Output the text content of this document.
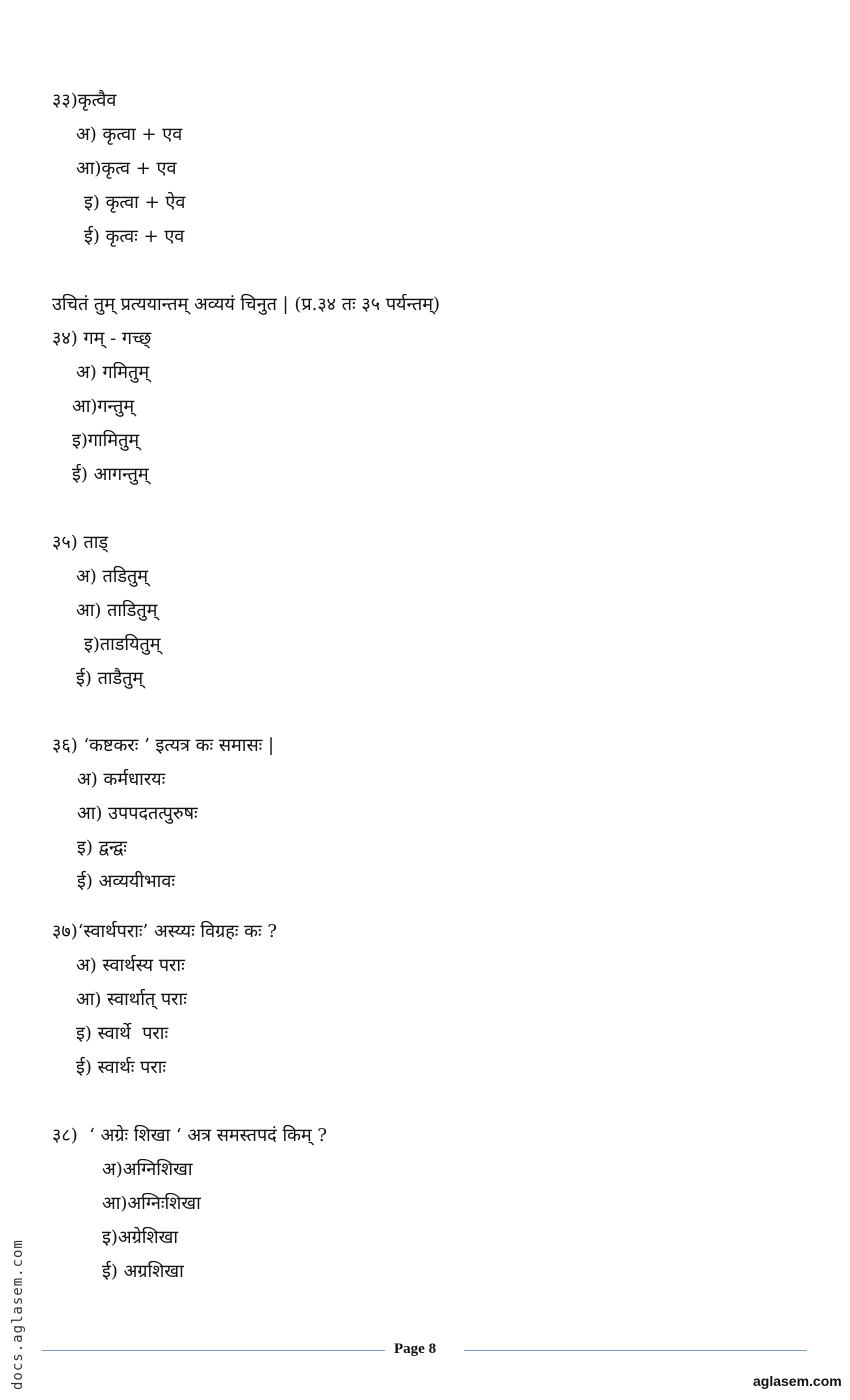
३३)कृत्वैव
अ) कृत्वा + एव
आ)कृत्व + एव
इ) कृत्वा + ऐव
ई) कृत्वः + एव
उचितं तुम् प्रत्ययान्तम् अव्ययं चिनुत | (प्र.३४ तः ३५ पर्यन्तम्)
३४) गम् - गच्छ्
अ) गमितुम्
आ)गन्तुम्
इ)गामितुम्
ई) आगन्तुम्
३५) ताड्
अ) तडितुम्
आ) ताडितुम्
इ)ताडयितुम्
ई) ताडैतुम्
३६) ‘कष्टकरः ’ इत्यत्र कः समासः |
अ) कर्मधारयः
आ) उपपदतत्पुरुषः
इ) द्वन्द्वः
ई) अव्ययीभावः
३७)‘स्वार्थपराः’ अस्य्यः विग्रहः कः ?
अ) स्वार्थस्य पराः
आ) स्वार्थात् पराः
इ) स्वार्थे  पराः
ई) स्वार्थः पराः
३८)  ‘ अग्रेः शिखा ‘ अत्र समस्तपदं किम् ?
अ)अग्निशिखा
आ)अग्निःशिखा
इ)अग्रेशिखा
ई) अग्रशिखा
docs.aglasem.com	Page 8
aglasem.com
